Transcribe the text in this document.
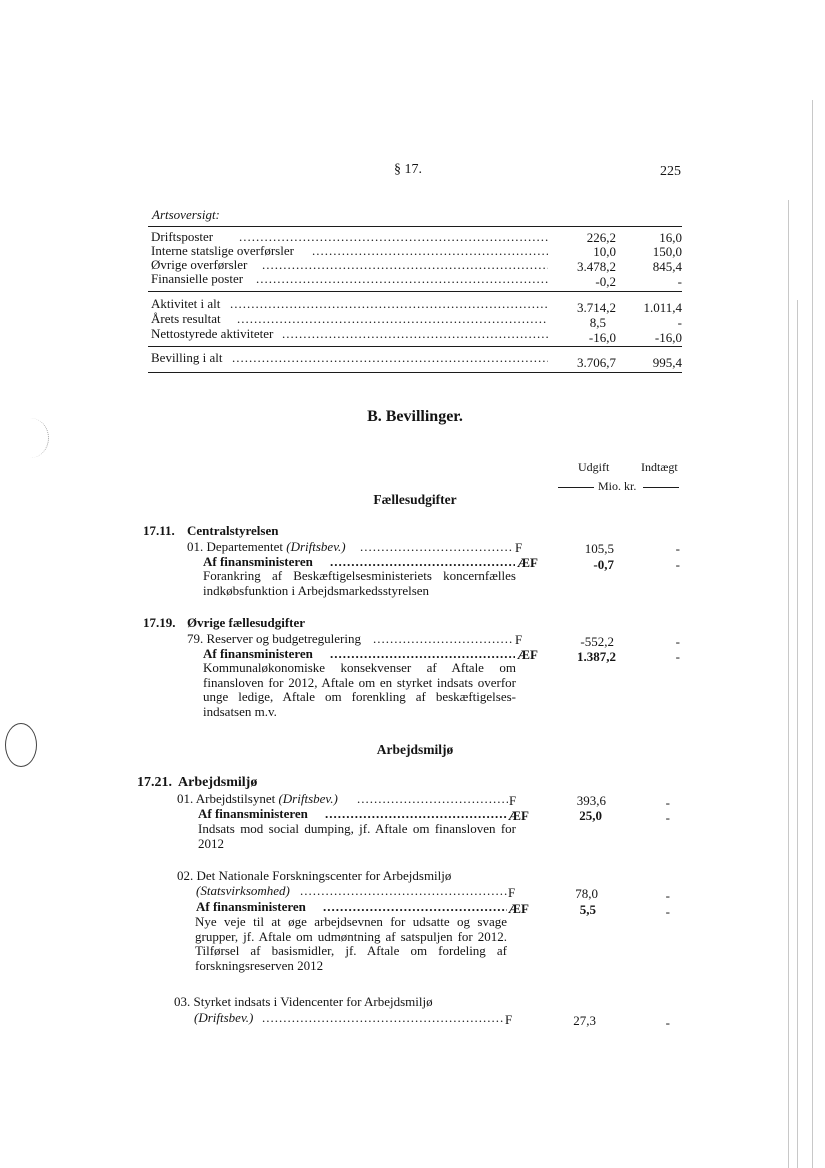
§ 17.	225
Artsoversigt:
Driftsposter .....	226,2	16,0
Interne statslige overførsler .....	10,0	150,0
Øvrige overførsler .....	3.478,2	845,4
Finansielle poster .....	-0,2	-
Aktivitet i alt .....	3.714,2	1.011,4
Årets resultat .....	8,5	-
Nettostyrede aktiviteter .....	-16,0	-16,0
Bevilling i alt .....	3.706,7	995,4
B. Bevillinger.
Udgift	Indtægt
Mio. kr.
Fællesudgifter
17.11. Centralstyrelsen
01. Departementet (Driftsbev.) .....	F	105,5	-
Af finansministeren .....	ÆF	-0,7	-
Forankring af Beskæftigelsesministeriets koncernfælles indkøbsfunktion i Arbejdsmarkedsstyrelsen
17.19. Øvrige fællesudgifter
79. Reserver og budgetregulering .....	F	-552,2	-
Af finansministeren .....	ÆF	1.387,2	-
Kommunaløkonomiske konsekvenser af Aftale om finansloven for 2012, Aftale om en styrket indsats overfor unge ledige, Aftale om forenkling af beskæftigelses-indsatsen m.v.
Arbejdsmiljø
17.21. Arbejdsmiljø
01. Arbejdstilsynet (Driftsbev.) .....	F	393,6	-
Af finansministeren .....	ÆF	25,0	-
Indsats mod social dumping, jf. Aftale om finansloven for 2012
02. Det Nationale Forskningscenter for Arbejdsmiljø
(Statsvirksomhed) .....	F	78,0	-
Af finansministeren .....	ÆF	5,5	-
Nye veje til at øge arbejdsevnen for udsatte og svage grupper, jf. Aftale om udmøntning af satspuljen for 2012. Tilførsel af basismidler, jf. Aftale om fordeling af forskningsreserven 2012
03. Styrket indsats i Videncenter for Arbejdsmiljø
(Driftsbev.) .....	F	27,3	-
